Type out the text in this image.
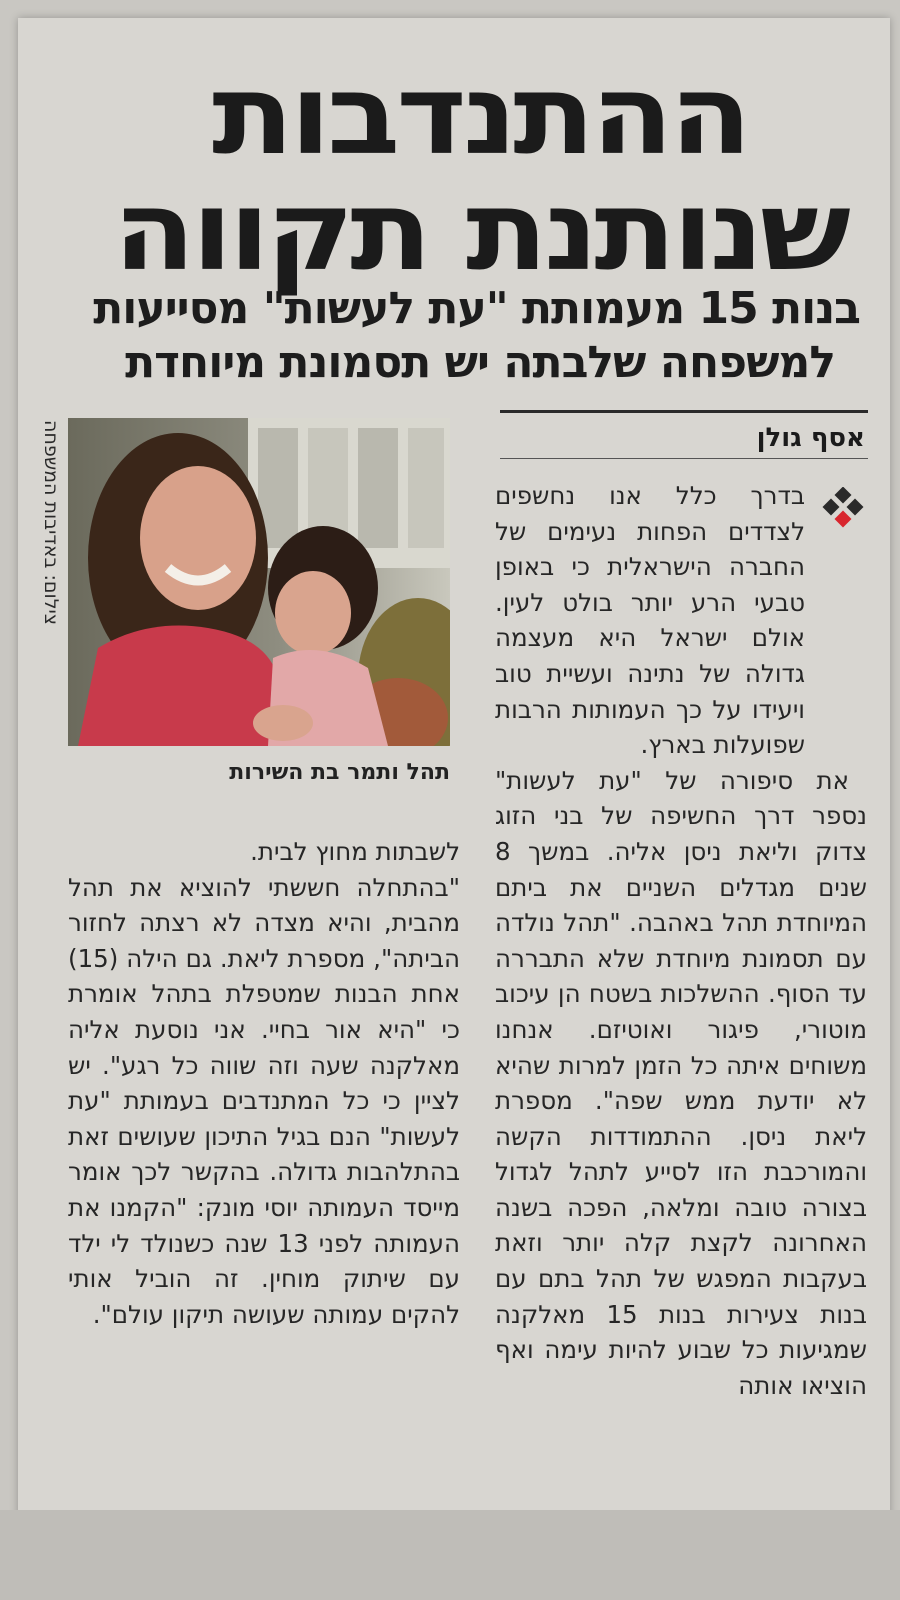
ההתנדבות
שנותנת תקווה
בנות 15 מעמותת "עת לעשות" מסייעות
למשפחה שלבתה יש תסמונת מיוחדת
אסף גולן

בדרך כלל אנו נחשפים לצדדים הפחות נעימים של החברה הישראלית כי באופן טבעי הרע יותר בולט לעין. אולם ישראל היא מעצמה גדולה של נתינה ועשיית טוב ויעידו על כך העמותות הרבות שפועלות בארץ.

את סיפורה של "עת לעשות" נספר דרך החשיפה של בני הזוג צדוק וליאת ניסן אליה. במשך 8 שנים מגדלים השניים את ביתם המיוחדת תהל באהבה. "תהל נולדה עם תסמונת מיוחדת שלא התבררה עד הסוף. ההשלכות בשטח הן עיכוב מוטורי, פיגור ואוטיזם. אנחנו משוחים איתה כל הזמן למרות שהיא לא יודעת ממש שפה". מספרת ליאת ניסן. ההתמודדות הקשה והמורכבת הזו לסייע לתהל לגדול בצורה טובה ומלאה, הפכה בשנה האחרונה לקצת קלה יותר וזאת בעקבות המפגש של תהל בתם עם בנות צעירות בנות 15 מאלקנה שמגיעות כל שבוע להיות עימה ואף הוציאו אותה

צילום: באדיבות המשפחה
תהל ותמר בת השירות

לשבתות מחוץ לבית.

"בהתחלה חששתי להוציא את תהל מהבית, והיא מצדה לא רצתה לחזור הביתה", מספרת ליאת. גם הילה (15) אחת הבנות שמטפלת בתהל אומרת כי "היא אור בחיי. אני נוסעת אליה מאלקנה שעה וזה שווה כל רגע". יש לציין כי כל המתנדבים בעמותת "עת לעשות" הנם בגיל התיכון שעושים זאת בהתלהבות גדולה. בהקשר לכך אומר מייסד העמותה יוסי מונק: "הקמנו את העמותה לפני 13 שנה כשנולד לי ילד עם שיתוק מוחין. זה הוביל אותי להקים עמותה שעושה תיקון עולם".
